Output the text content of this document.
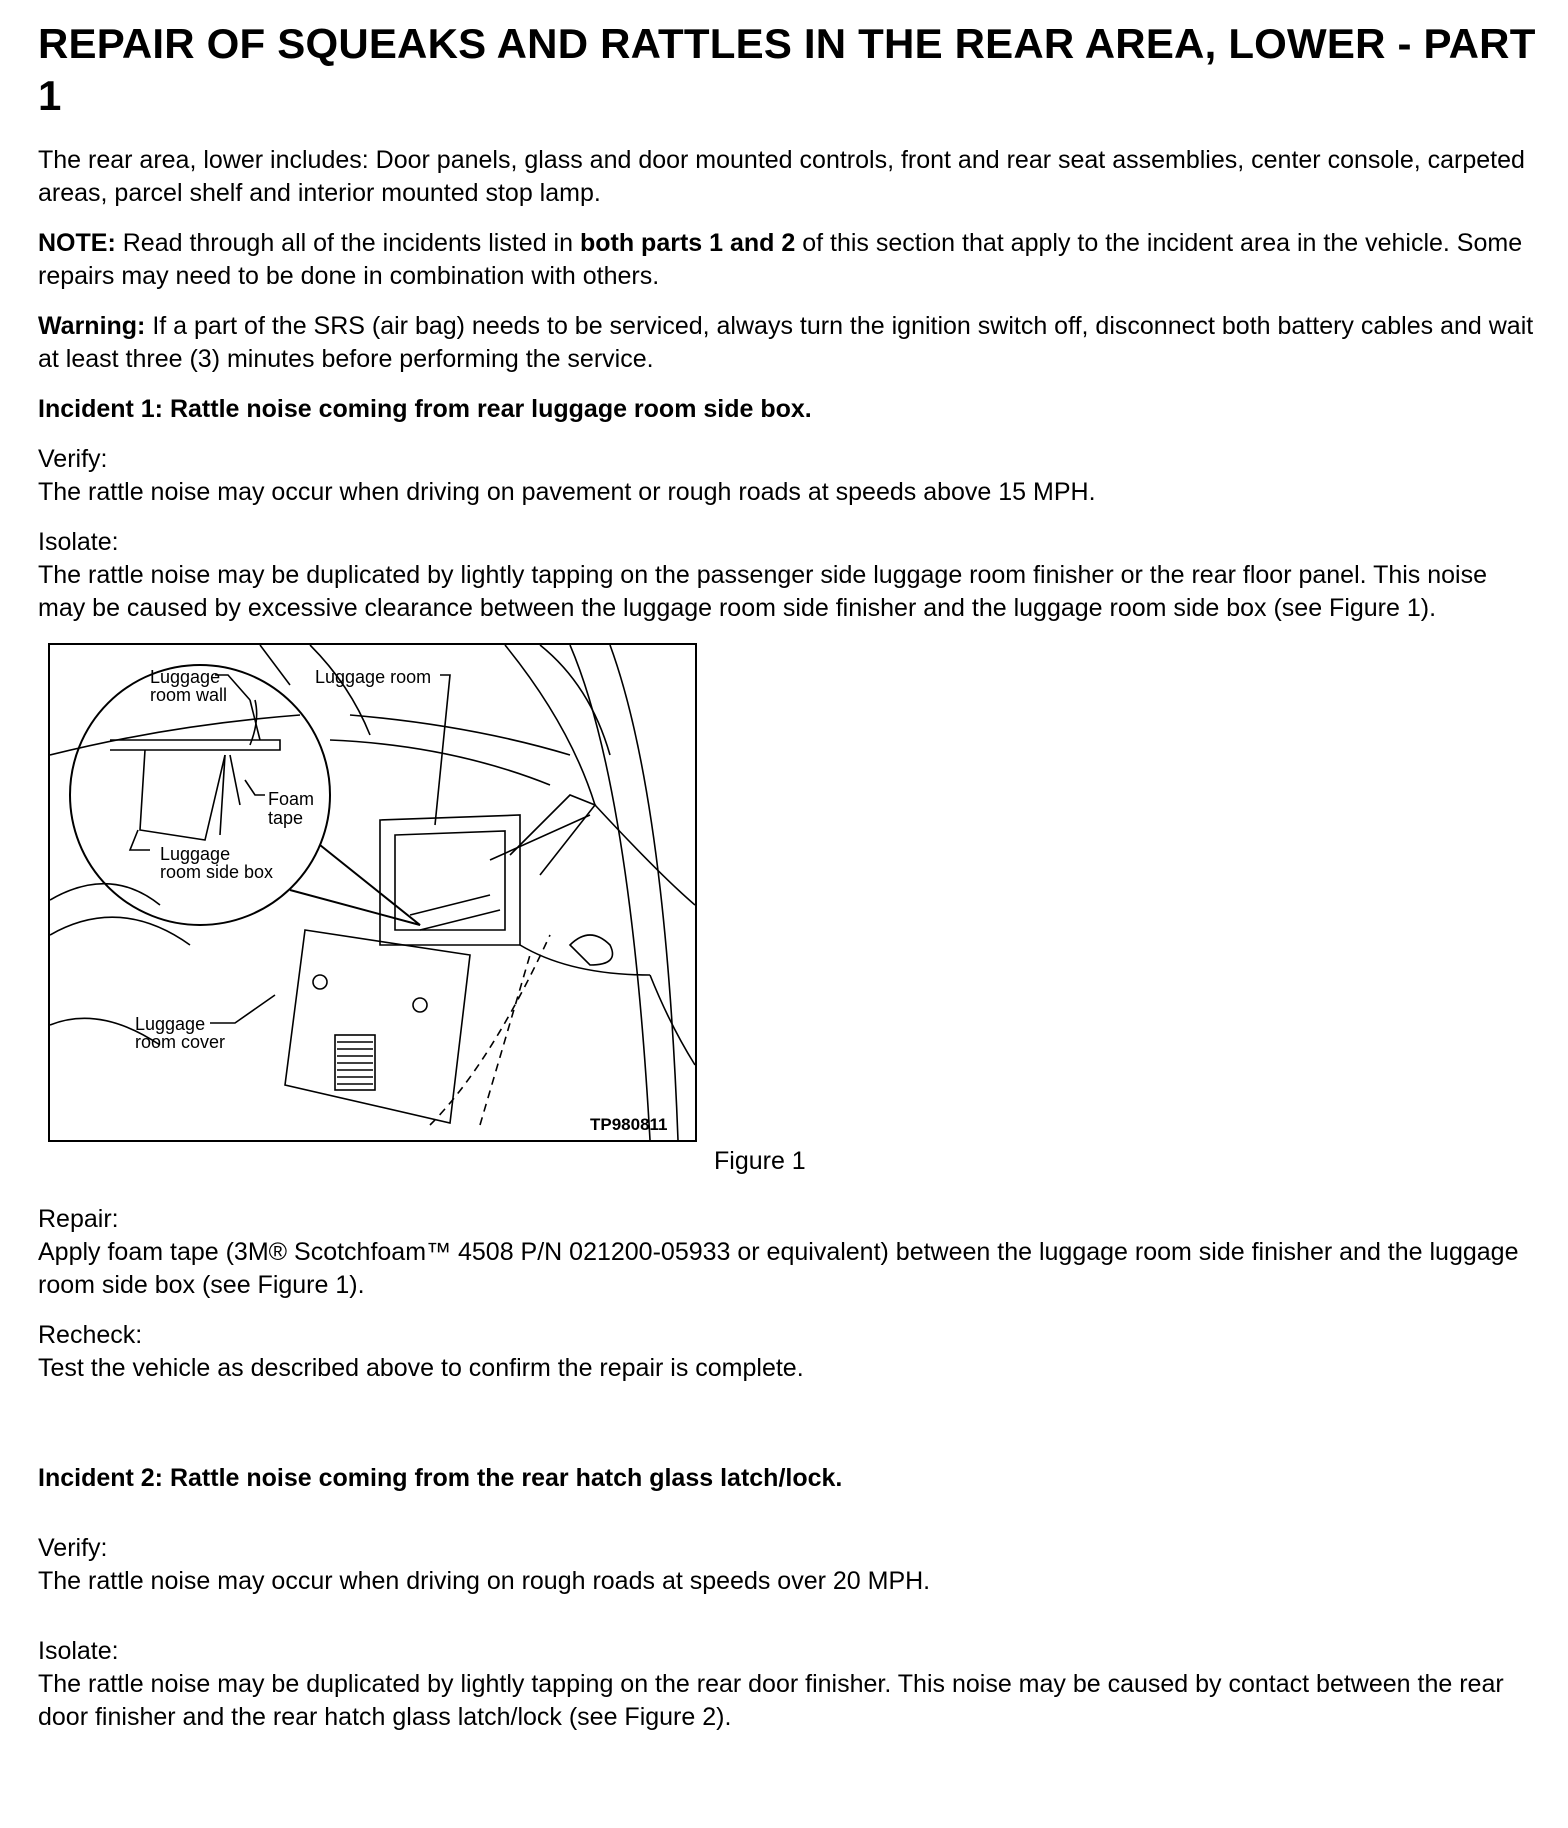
REPAIR OF SQUEAKS AND RATTLES IN THE REAR AREA, LOWER - PART 1

The rear area, lower includes: Door panels, glass and door mounted controls, front and rear seat assemblies, center console, carpeted areas, parcel shelf and interior mounted stop lamp.

NOTE: Read through all of the incidents listed in both parts 1 and 2 of this section that apply to the incident area in the vehicle. Some repairs may need to be done in combination with others.

Warning: If a part of the SRS (air bag) needs to be serviced, always turn the ignition switch off, disconnect both battery cables and wait at least three (3) minutes before performing the service.

Incident 1: Rattle noise coming from rear luggage room side box.

Verify:
The rattle noise may occur when driving on pavement or rough roads at speeds above 15 MPH.

Isolate:
The rattle noise may be duplicated by lightly tapping on the passenger side luggage room finisher or the rear floor panel. This noise may be caused by excessive clearance between the luggage room side finisher and the luggage room side box (see Figure 1).

Luggage
room wall
Luggage room
Foam
tape
Luggage
room side box
Luggage
room cover
TP980811
Figure 1

Repair:
Apply foam tape (3M® Scotchfoam™ 4508 P/N 021200-05933 or equivalent) between the luggage room side finisher and the luggage room side box (see Figure 1).

Recheck:
Test the vehicle as described above to confirm the repair is complete.

Incident 2: Rattle noise coming from the rear hatch glass latch/lock.

Verify:
The rattle noise may occur when driving on rough roads at speeds over 20 MPH.

Isolate:
The rattle noise may be duplicated by lightly tapping on the rear door finisher. This noise may be caused by contact between the rear door finisher and the rear hatch glass latch/lock (see Figure 2).
